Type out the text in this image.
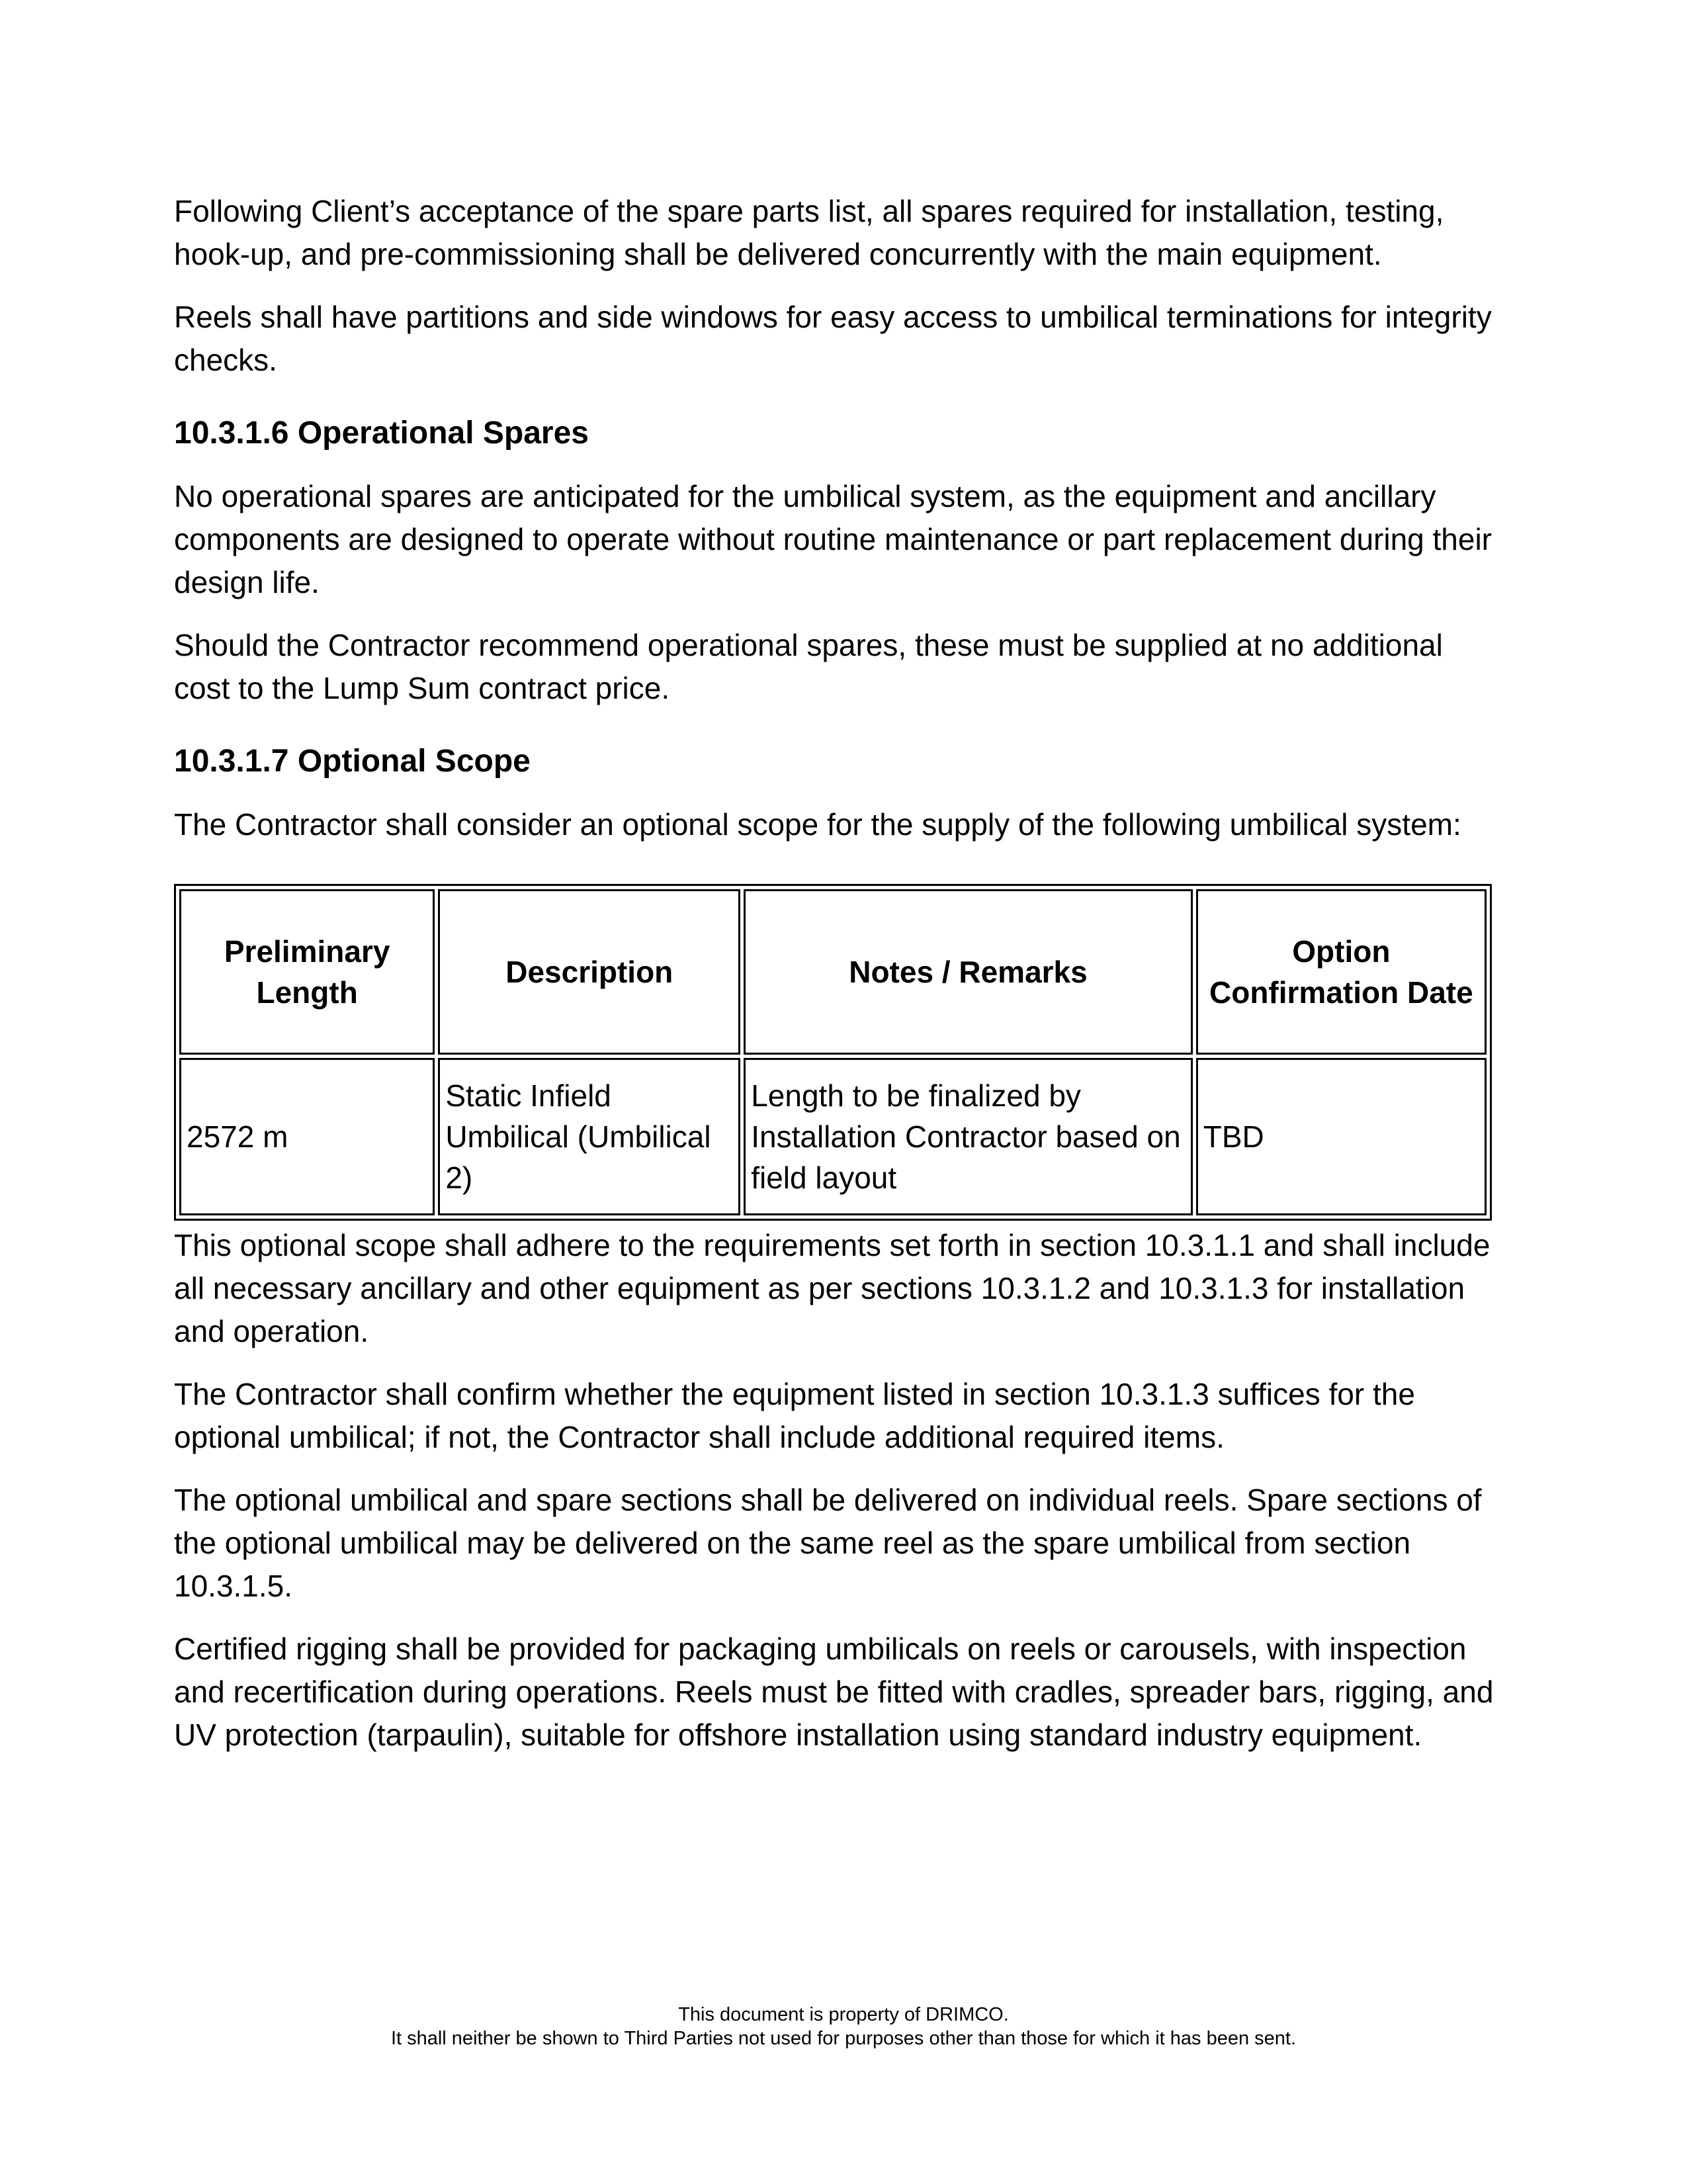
Following Client’s acceptance of the spare parts list, all spares required for installation, testing, hook-up, and pre-commissioning shall be delivered concurrently with the main equipment.

Reels shall have partitions and side windows for easy access to umbilical terminations for integrity checks.

10.3.1.6 Operational Spares

No operational spares are anticipated for the umbilical system, as the equipment and ancillary components are designed to operate without routine maintenance or part replacement during their design life.

Should the Contractor recommend operational spares, these must be supplied at no additional cost to the Lump Sum contract price.

10.3.1.7 Optional Scope

The Contractor shall consider an optional scope for the supply of the following umbilical system:

Preliminary Length	Description	Notes / Remarks	Option Confirmation Date
2572 m	Static Infield Umbilical (Umbilical 2)	Length to be finalized by Installation Contractor based on field layout	TBD

This optional scope shall adhere to the requirements set forth in section 10.3.1.1 and shall include all necessary ancillary and other equipment as per sections 10.3.1.2 and 10.3.1.3 for installation and operation.

The Contractor shall confirm whether the equipment listed in section 10.3.1.3 suffices for the optional umbilical; if not, the Contractor shall include additional required items.

The optional umbilical and spare sections shall be delivered on individual reels. Spare sections of the optional umbilical may be delivered on the same reel as the spare umbilical from section 10.3.1.5.

Certified rigging shall be provided for packaging umbilicals on reels or carousels, with inspection and recertification during operations. Reels must be fitted with cradles, spreader bars, rigging, and UV protection (tarpaulin), suitable for offshore installation using standard industry equipment.

This document is property of DRIMCO.
It shall neither be shown to Third Parties not used for purposes other than those for which it has been sent.
